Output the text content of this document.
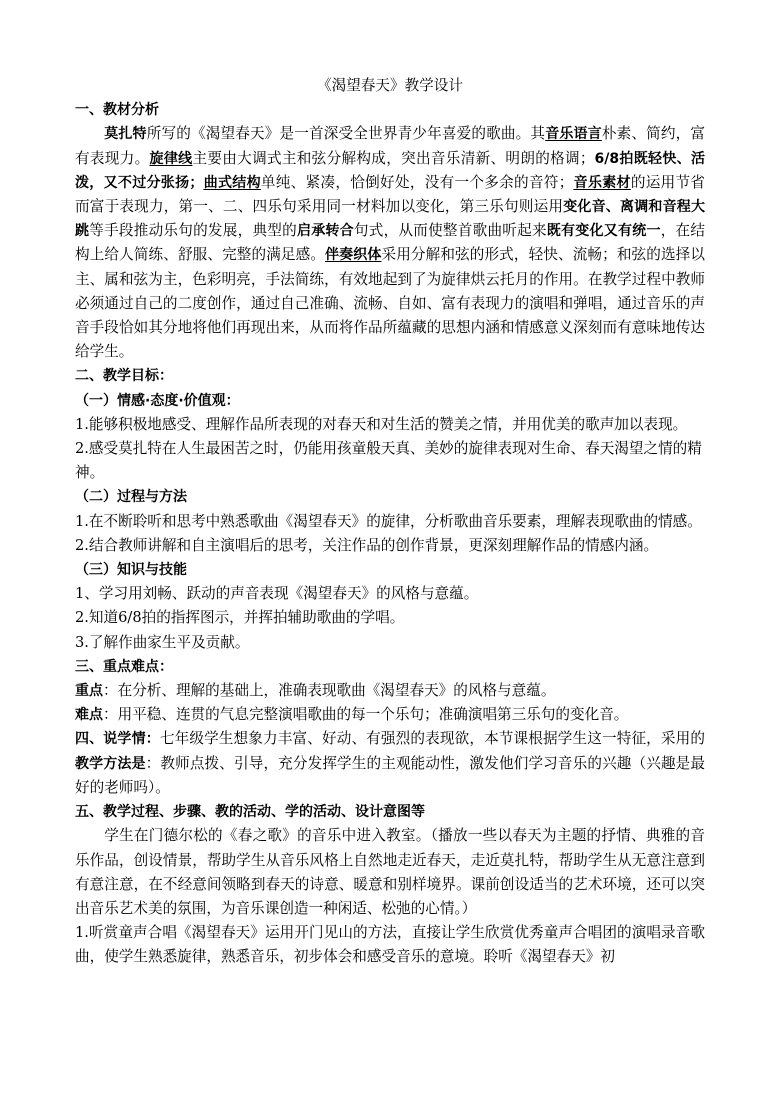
《渴望春天》教学设计

一、教材分析

莫扎特所写的《渴望春天》是一首深受全世界青少年喜爱的歌曲。其音乐语言朴素、简约，富有表现力。旋律线主要由大调式主和弦分解构成，突出音乐清新、明朗的格调；6/8拍既轻快、活泼，又不过分张扬；曲式结构单纯、紧凑，恰倒好处，没有一个多余的音符；音乐素材的运用节省而富于表现力，第一、二、四乐句采用同一材料加以变化，第三乐句则运用变化音、离调和音程大跳等手段推动乐句的发展，典型的启承转合句式，从而使整首歌曲听起来既有变化又有统一，在结构上给人简练、舒服、完整的满足感。伴奏织体采用分解和弦的形式，轻快、流畅；和弦的选择以主、属和弦为主，色彩明亮，手法简练，有效地起到了为旋律烘云托月的作用。在教学过程中教师必须通过自己的二度创作，通过自己准确、流畅、自如、富有表现力的演唱和弹唱，通过音乐的声音手段恰如其分地将他们再现出来，从而将作品所蕴藏的思想内涵和情感意义深刻而有意味地传达给学生。

二、教学目标：

（一）情感·态度·价值观：

1.能够积极地感受、理解作品所表现的对春天和对生活的赞美之情，并用优美的歌声加以表现。

2.感受莫扎特在人生最困苦之时，仍能用孩童般天真、美妙的旋律表现对生命、春天渴望之情的精神。

（二）过程与方法

1.在不断聆听和思考中熟悉歌曲《渴望春天》的旋律，分析歌曲音乐要素，理解表现歌曲的情感。

2.结合教师讲解和自主演唱后的思考，关注作品的创作背景，更深刻理解作品的情感内涵。

（三）知识与技能

1、学习用刘畅、跃动的声音表现《渴望春天》的风格与意蕴。

2.知道6/8拍的指挥图示，并挥拍辅助歌曲的学唱。

3.了解作曲家生平及贡献。

三、重点难点：

重点：在分析、理解的基础上，准确表现歌曲《渴望春天》的风格与意蕴。

难点：用平稳、连贯的气息完整演唱歌曲的每一个乐句；准确演唱第三乐句的变化音。

四、说学情：七年级学生想象力丰富、好动、有强烈的表现欲，本节课根据学生这一特征，采用的教学方法是：教师点拨、引导，充分发挥学生的主观能动性，激发他们学习音乐的兴趣（兴趣是最好的老师吗）。

五、教学过程、步骤、教的活动、学的活动、设计意图等

学生在门德尔松的《春之歌》的音乐中进入教室。（播放一些以春天为主题的抒情、典雅的音乐作品，创设情景，帮助学生从音乐风格上自然地走近春天，走近莫扎特，帮助学生从无意注意到有意注意，在不经意间领略到春天的诗意、暖意和别样境界。课前创设适当的艺术环境，还可以突出音乐艺术美的氛围，为音乐课创造一种闲适、松弛的心情。）

1.听赏童声合唱《渴望春天》运用开门见山的方法，直接让学生欣赏优秀童声合唱团的演唱录音歌曲，使学生熟悉旋律，熟悉音乐，初步体会和感受音乐的意境。聆听《渴望春天》初
